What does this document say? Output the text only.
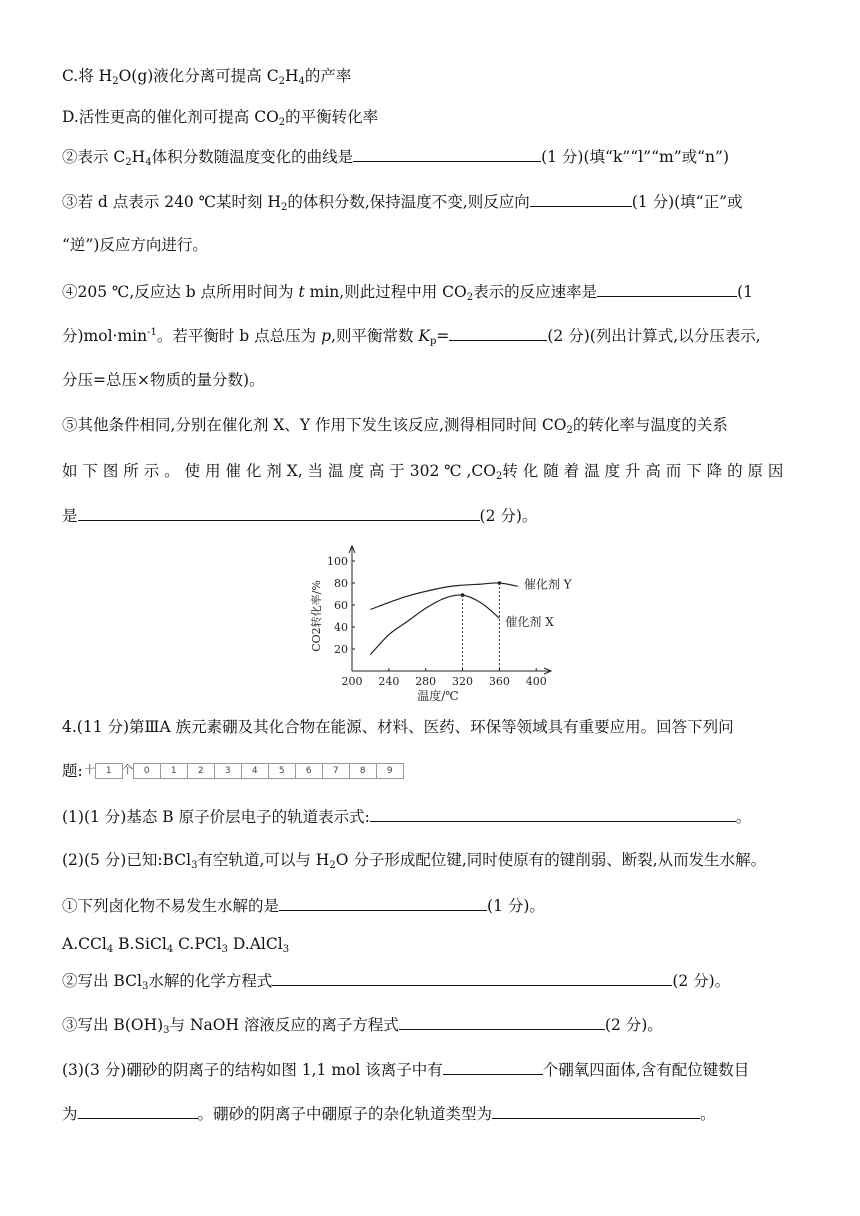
C.将 $H_2O(g)$液化分离可提高 $C_2H_4$的产率
D.活性更高的催化剂可提高 $CO_2$的平衡转化率
②表示 $C_2H_4$体积分数随温度变化的曲线是	(1 分)(填“k”“l”“m”或“n”)
③若 d 点表示 240 ℃某时刻 $H_2$的体积分数,保持温度不变,则反应向	(1 分)(填“正”或
“逆”)反应方向进行。
④205 ℃,反应达 b 点所用时间为 t min,则此过程中用 $CO_2$表示的反应速率是	(1
分)$mol\cdot\min^{-1}$。若平衡时 b 点总压为 p,则平衡常数 $K_p=$	(2 分)(列出计算式,以分压表示,
分压=总压×物质的量分数)。
⑤其他条件相同,分别在催化剂 X、Y 作用下发生该反应,测得相同时间 $CO_2$的转化率与温度的关系
如 下 图 所 示 。 使 用 催 化 剂 X, 当 温 度 高 于 302 ℃ $,CO_2$转 化 随 着 温 度 升 高 而 下 降 的 原 因
是	(2 分)。
20
40
60
80
100
200 240 280 320 360 400
催化剂 Y
催化剂 X
温度/℃
CO2转化率/%
4.(11 分)第ⅢA 族元素硼及其化合物在能源、材料、医药、环保等领域具有重要应用。回答下列问
题: 十	1 个	0	1	2	3	4	5	6	7	8	9
(1)(1 分)基态 B 原子价层电子的轨道表示式:	。
(2)(5 分)已知:BCl$_3$有空轨道,可以与 $H_2O$ 分子形成配位键,同时使原有的键削弱、断裂,从而发生水解。
①下列卤化物不易发生水解的是	(1 分)。
A.CCl$_4$ B.SiCl$_4$ C.PCl$_3$ D.AlCl$_3$
②写出 BCl$_3$水解的化学方程式	(2 分)。
③写出 $B(OH)_3$与 NaOH 溶液反应的离子方程式	(2 分)。
(3)(3 分)硼砂的阴离子的结构如图 1,1 mol 该离子中有	个硼氧四面体,含有配位键数目
为	。硼砂的阴离子中硼原子的杂化轨道类型为	。
